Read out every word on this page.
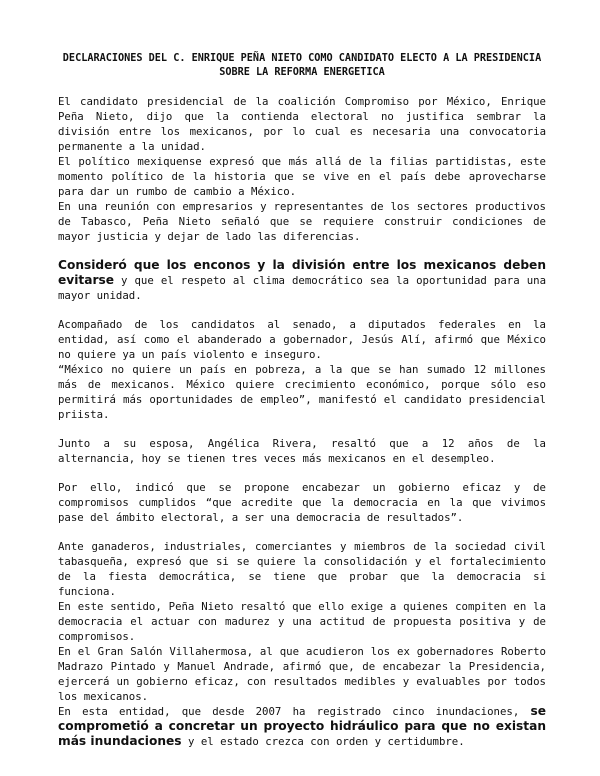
DECLARACIONES DEL C. ENRIQUE PEÑA NIETO COMO CANDIDATO ELECTO A LA PRESIDENCIA SOBRE LA REFORMA ENERGETICA

El candidato presidencial de la coalición Compromiso por México, Enrique Peña Nieto, dijo que la contienda electoral no justifica sembrar la división entre los mexicanos, por lo cual es necesaria una convocatoria permanente a la unidad.

El político mexiquense expresó que más allá de la filias partidistas, este momento político de la historia que se vive en el país debe aprovecharse para dar un rumbo de cambio a México.

En una reunión con empresarios y representantes de los sectores productivos de Tabasco, Peña Nieto señaló que se requiere construir condiciones de mayor justicia y dejar de lado las diferencias.

Consideró que los enconos y la división entre los mexicanos deben evitarse y que el respeto al clima democrático sea la oportunidad para una mayor unidad.

Acompañado de los candidatos al senado, a diputados federales en la entidad, así como el abanderado a gobernador, Jesús Alí, afirmó que México no quiere ya un país violento e inseguro.

“México no quiere un país en pobreza, a la que se han sumado 12 millones más de mexicanos. México quiere crecimiento económico, porque sólo eso permitirá más oportunidades de empleo”, manifestó el candidato presidencial priista.

Junto a su esposa, Angélica Rivera, resaltó que a 12 años de la alternancia, hoy se tienen tres veces más mexicanos en el desempleo.

Por ello, indicó que se propone encabezar un gobierno eficaz y de compromisos cumplidos “que acredite que la democracia en la que vivimos pase del ámbito electoral, a ser una democracia de resultados”.

Ante ganaderos, industriales, comerciantes y miembros de la sociedad civil tabasqueña, expresó que si se quiere la consolidación y el fortalecimiento de la fiesta democrática, se tiene que probar que la democracia si funciona.

En este sentido, Peña Nieto resaltó que ello exige a quienes compiten en la democracia el actuar con madurez y una actitud de propuesta positiva y de compromisos.

En el Gran Salón Villahermosa, al que acudieron los ex gobernadores Roberto Madrazo Pintado y Manuel Andrade, afirmó que, de encabezar la Presidencia, ejercerá un gobierno eficaz, con resultados medibles y evaluables por todos los mexicanos.

En esta entidad, que desde 2007 ha registrado cinco inundaciones, se comprometió a concretar un proyecto hidráulico para que no existan más inundaciones y el estado crezca con orden y certidumbre.
